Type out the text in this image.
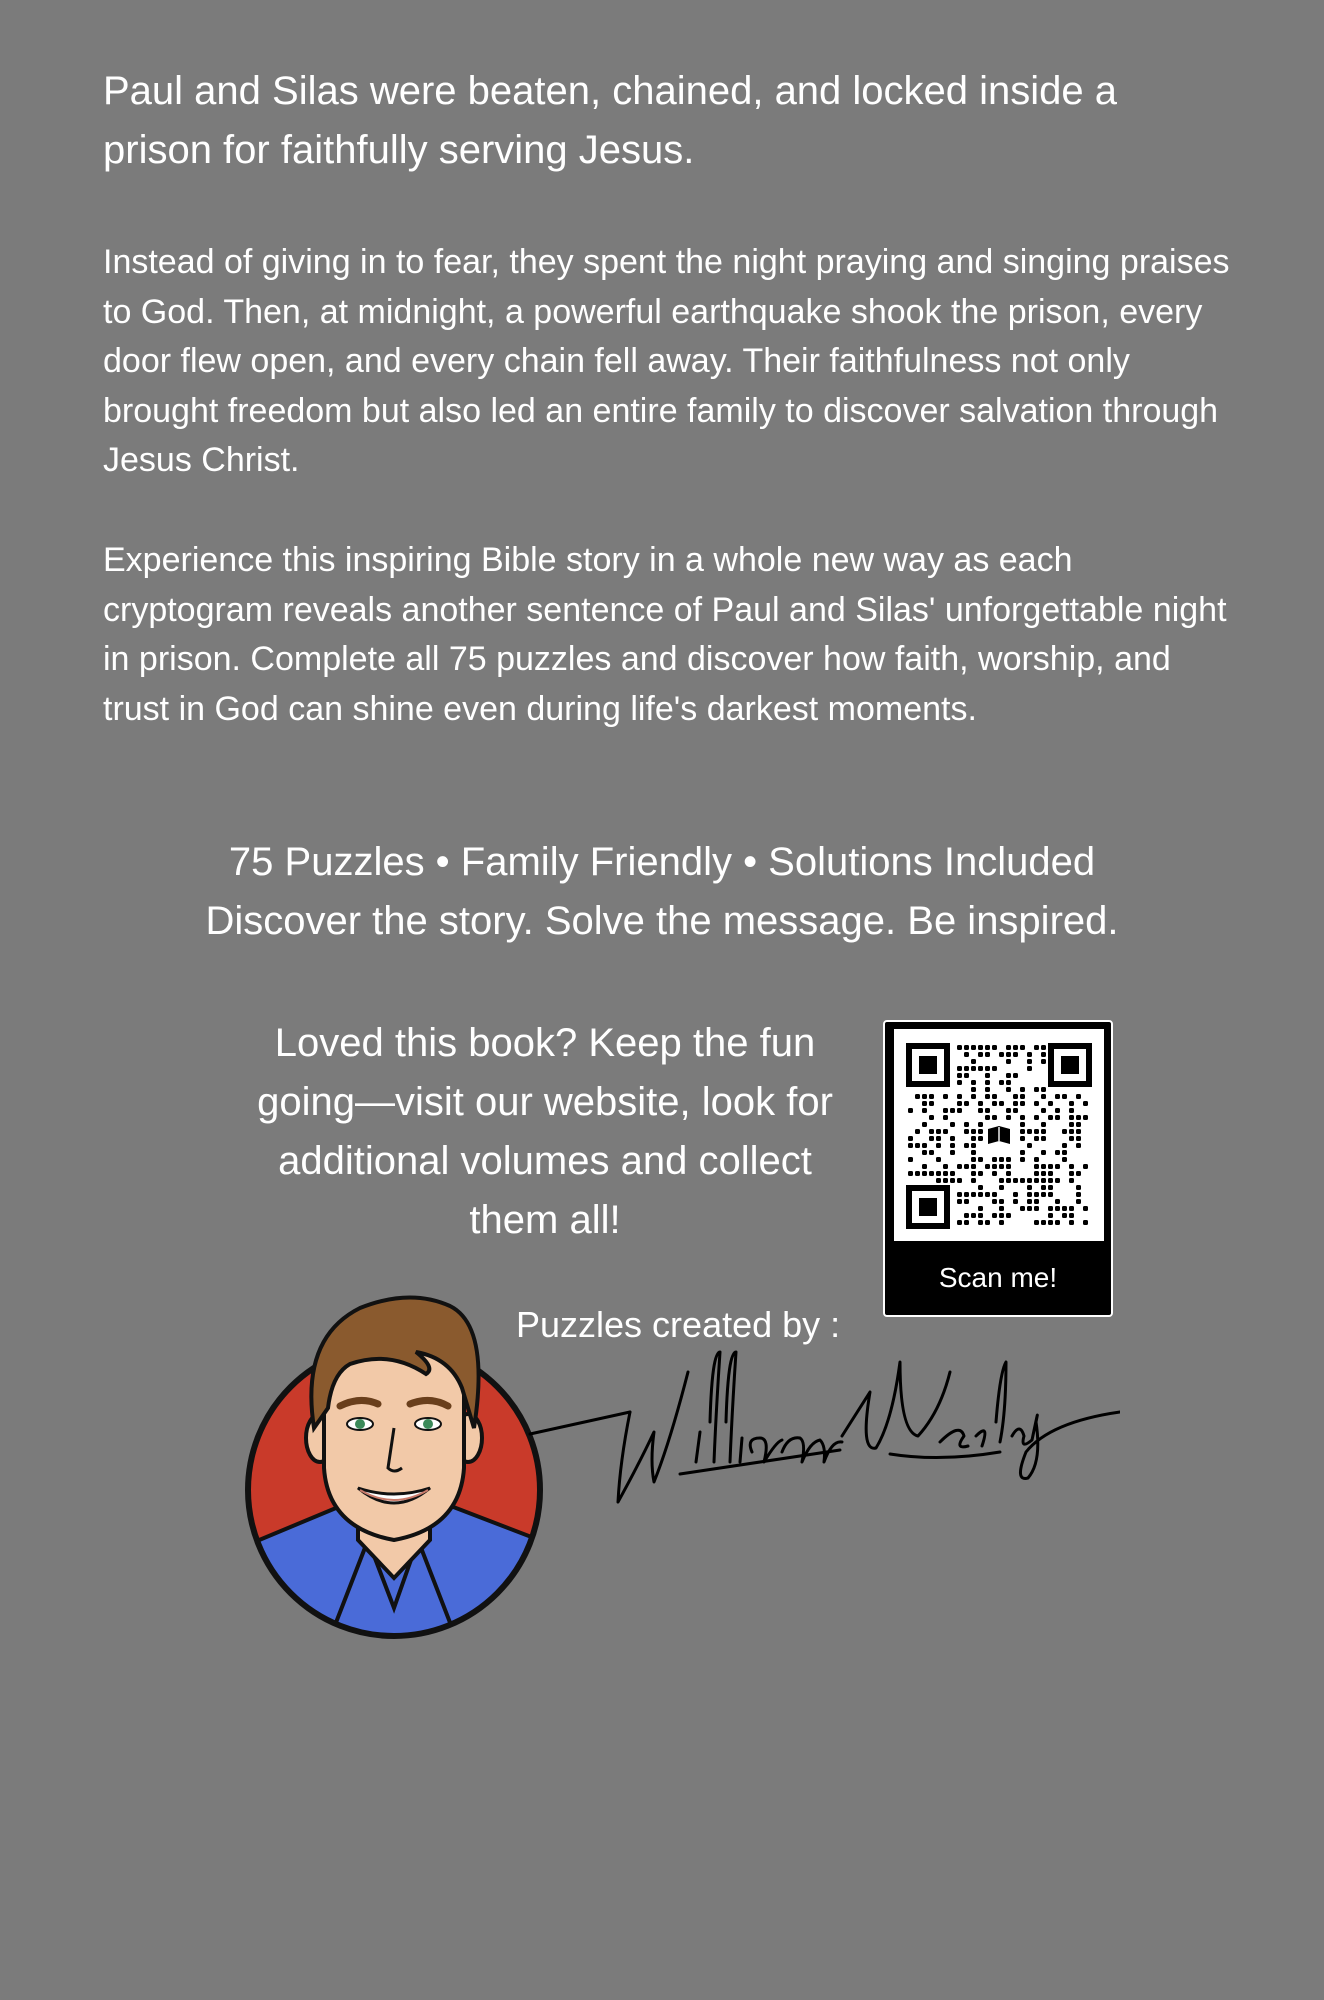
Paul and Silas were beaten, chained, and locked inside a prison for faithfully serving Jesus.

Instead of giving in to fear, they spent the night praying and singing praises to God. Then, at midnight, a powerful earthquake shook the prison, every door flew open, and every chain fell away. Their faithfulness not only brought freedom but also led an entire family to discover salvation through Jesus Christ.

Experience this inspiring Bible story in a whole new way as each cryptogram reveals another sentence of Paul and Silas' unforgettable night in prison. Complete all 75 puzzles and discover how faith, worship, and trust in God can shine even during life's darkest moments.

75 Puzzles • Family Friendly • Solutions Included

Discover the story. Solve the message. Be inspired.

Loved this book? Keep the fun
going—visit our website, look for
additional volumes and collect
them all!
Scan me!

Puzzles created by :
